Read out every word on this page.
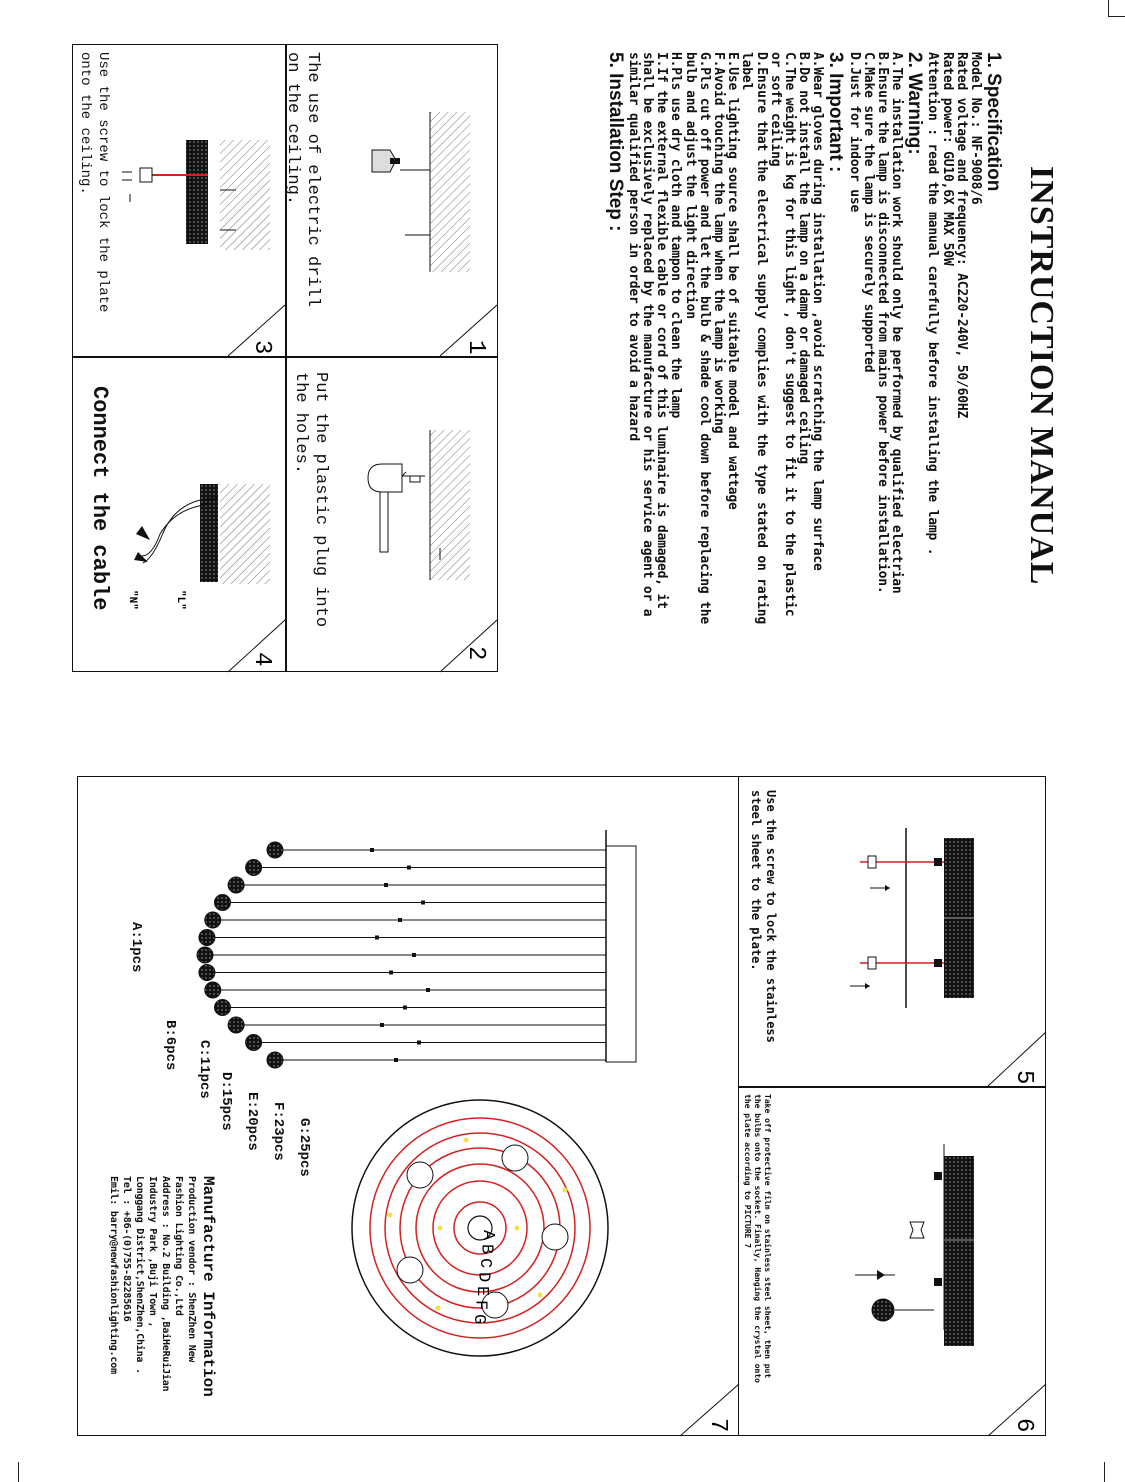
INSTRUCTION MANUAL
1. Specification
Model No.: NF-9008/6
Rated voltage and frequency: AC220-240V, 50/60HZ
Rated power: GU10,6X MAX 50W
Attention : read the manual carefully before installing the lamp .
2. Warning:
A.The installation work should only be performed by qualified electrian
B.Ensure the lamp is disconnected from mains power before installation.
C.Make sure the lamp is securely supported
D.Just for indoor use
3. Important :
A.Wear gloves during installation ,avoid scratching the lamp surface
B.Do not install the lamp on a damp or damaged ceiling
C.The weight is kg for this light , don't suggest to fit it to the plastic
or soft ceiling
D.Ensure that the electrical supply complies with the type stated on rating
label
E.Use lighting source shall be of suitable model and wattage
F.Avoid touching the lamp when the lamp is working
G.Pls cut off power and let the bulb & shade cool down before replacing the
bulb and adjust the light direction
H.Pls use dry cloth and tampon to clean the lamp
I.If the external flexible cable or cord of this luminaire is damaged, it
shall be exclusively replaced by the manufacture or his service agent or a
similar qualified person in order to avoid a hazard
5. Installation Step :
1
2
3
4
"L"
"N"
The use of electric drill on the ceiling.
Put the plastic plug into the holes.
Use the screw to lock the plate onto the ceiling.
Connect the cable
5
6
7
A
B
C
D
E
F
G
Use the screw to lock the stainless steel sheet to the plate.
Take off protective film on stainless steel sheet, then put the bulbs onto the socket. Finally, Hanging the crystal onto the plate according to PICTURE 7
A:1pcs
B:6pcs C:11pcs
D:15pcs E:20pcs F:23pcs G:25pcs
Manufacture Information
Production vendor : ShenZhen New
Fashion Lighting Co.,Ltd
Address : No.2 Building ,BaiHeRuiJian
Industry Park ,Buji Town ,
Longgang District,ShenZhen,China .
Tel : +86-(0)755-82285616
Emil: barry@newfashionlighting.com
